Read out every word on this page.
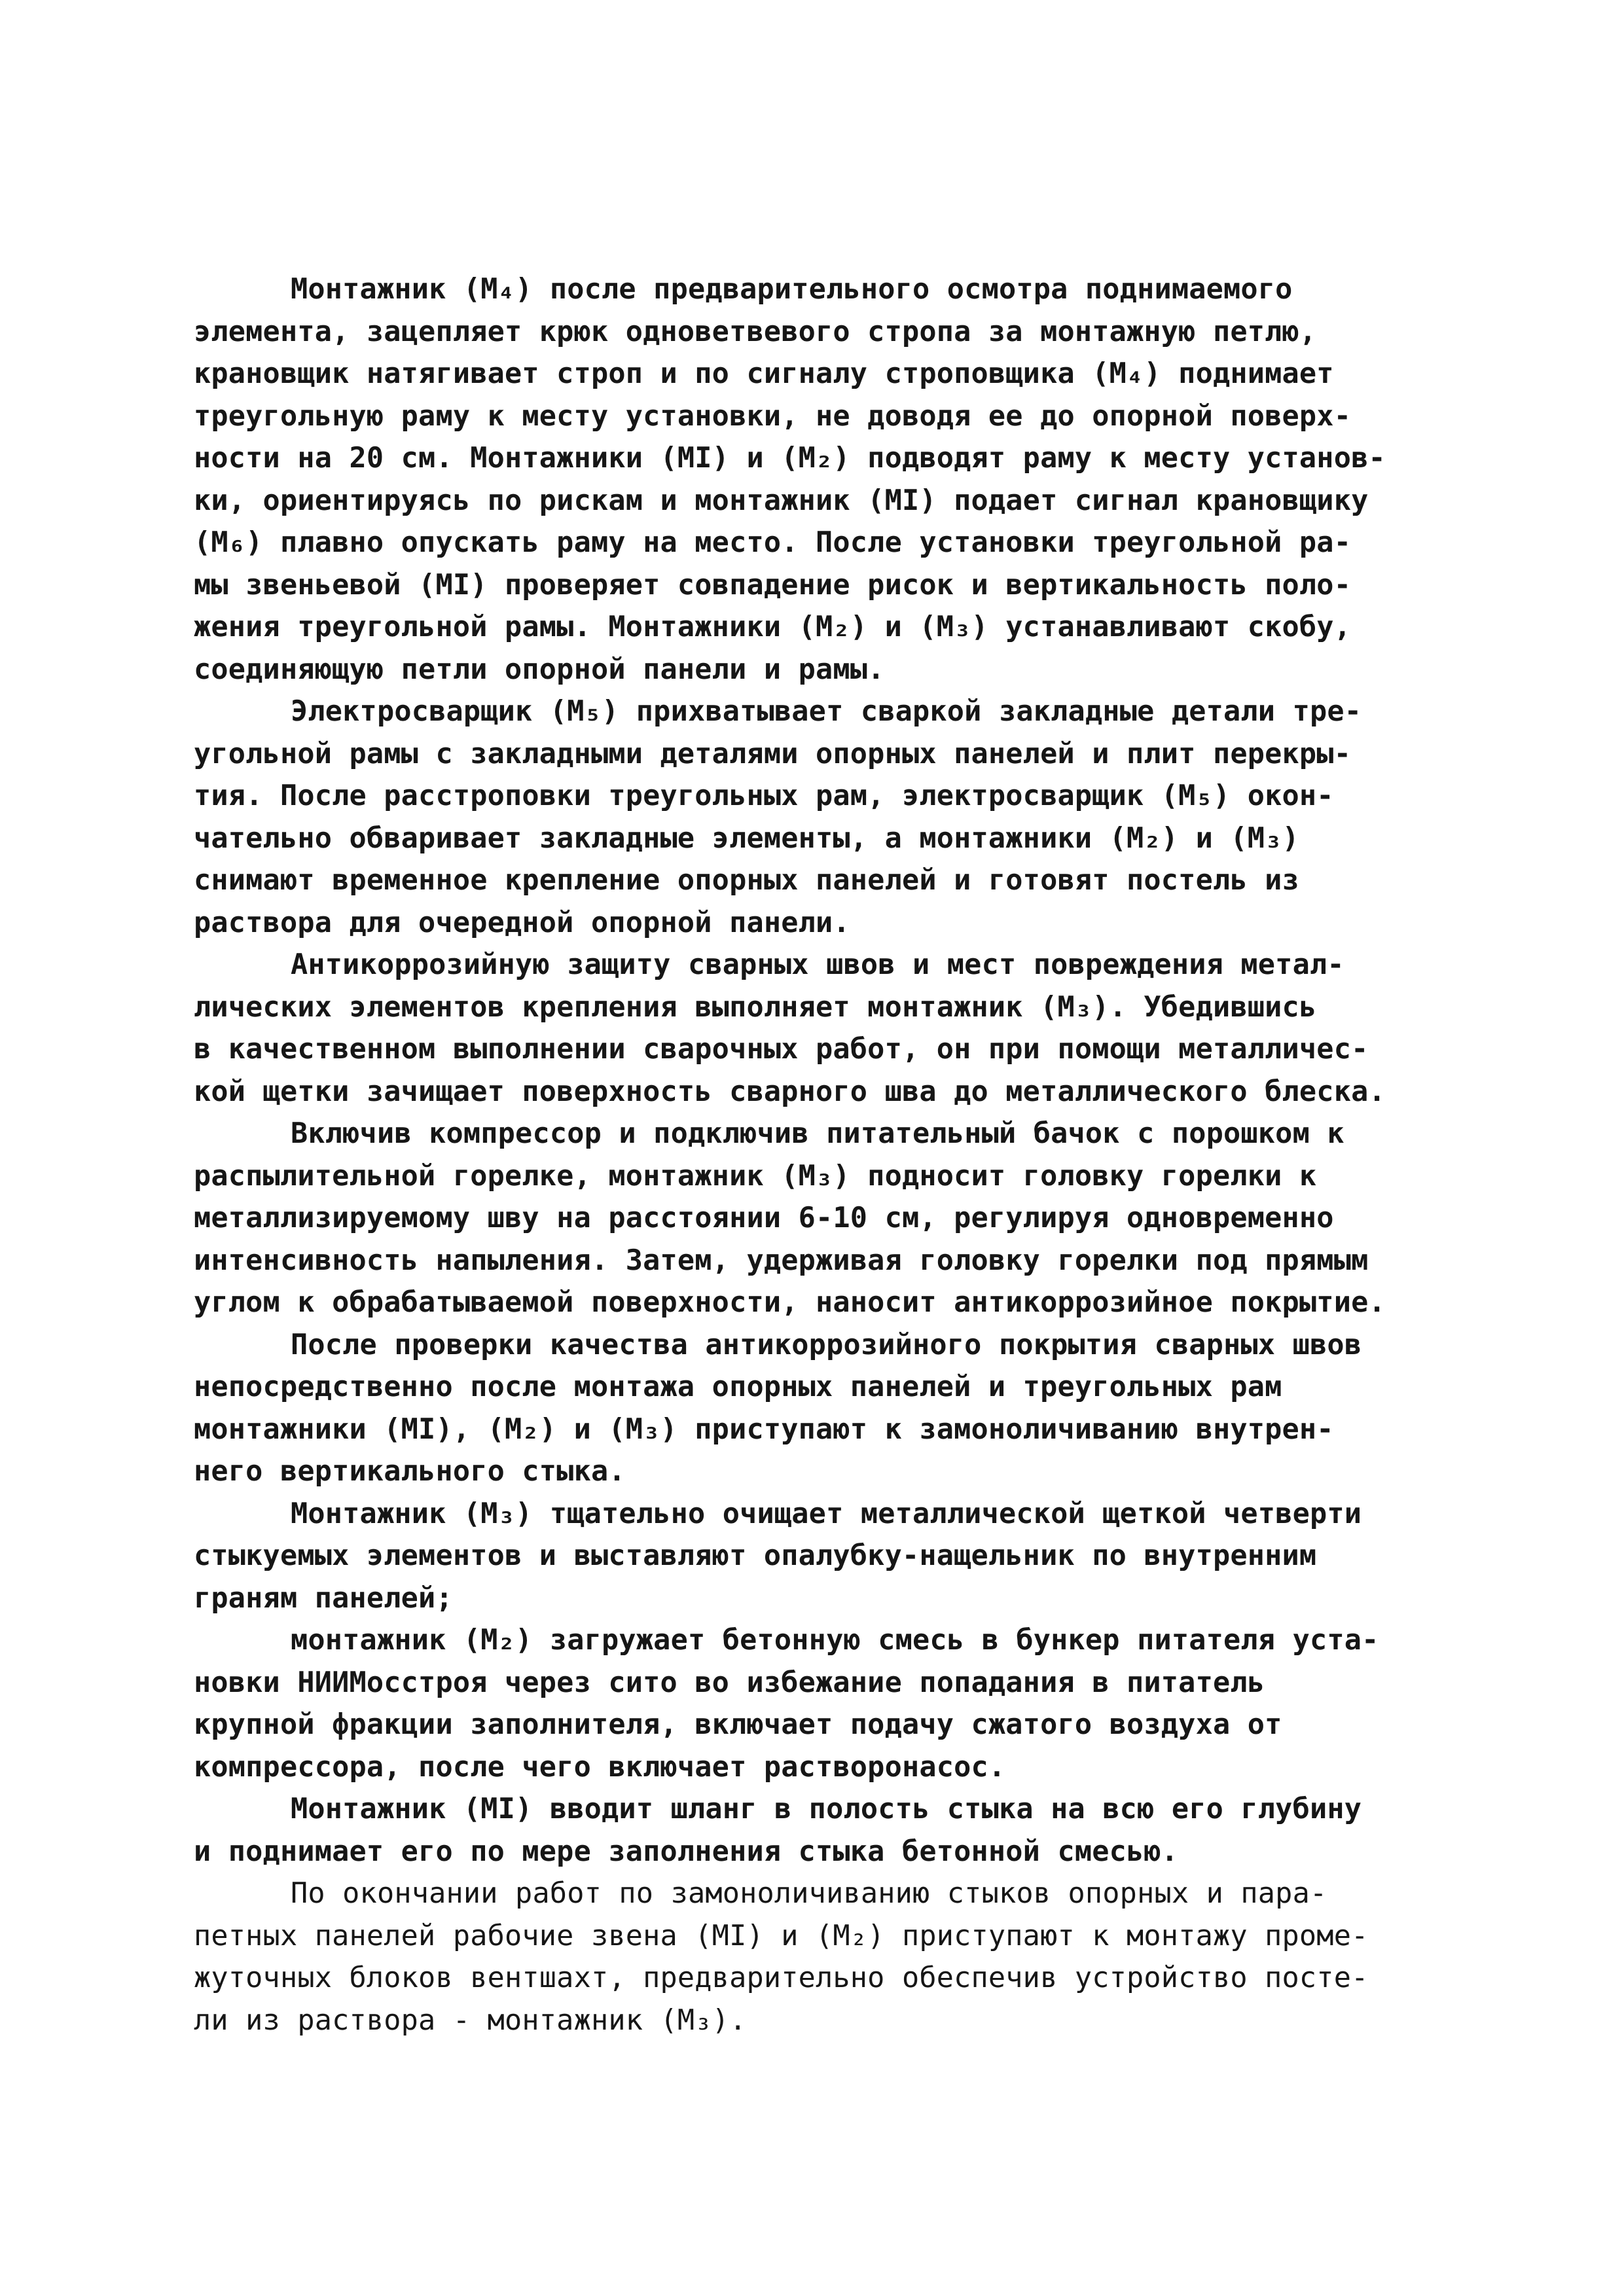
Монтажник (M₄) после предварительного осмотра поднимаемого
элемента, зацепляет крюк одноветвевого стропа за монтажную петлю,
крановщик натягивает строп и по сигналу строповщика (M₄) поднимает
треугольную раму к месту установки, не доводя ее до опорной поверх-
ности на 20 см. Монтажники (MI) и (M₂) подводят раму к месту установ-
ки, ориентируясь по рискам и монтажник (MI) подает сигнал крановщику
(M₆) плавно опускать раму на место. После установки треугольной ра-
мы звеньевой (MI) проверяет совпадение рисок и вертикальность поло-
жения треугольной рамы. Монтажники (M₂) и (M₃) устанавливают скобу,
соединяющую петли опорной панели и рамы.
Электросварщик (M₅) прихватывает сваркой закладные детали тре-
угольной рамы с закладными деталями опорных панелей и плит перекры-
тия. После расстроповки треугольных рам, электросварщик (M₅) окон-
чательно обваривает закладные элементы, а монтажники (M₂) и (M₃)
снимают временное крепление опорных панелей и готовят постель из
раствора для очередной опорной панели.
Антикоррозийную защиту сварных швов и мест повреждения метал-
лических элементов крепления выполняет монтажник (M₃). Убедившись
в качественном выполнении сварочных работ, он при помощи металличес-
кой щетки зачищает поверхность сварного шва до металлического блеска.
Включив компрессор и подключив питательный бачок с порошком к
распылительной горелке, монтажник (M₃) подносит головку горелки к
металлизируемому шву на расстоянии 6-10 см, регулируя одновременно
интенсивность напыления. Затем, удерживая головку горелки под прямым
углом к обрабатываемой поверхности, наносит антикоррозийное покрытие.
После проверки качества антикоррозийного покрытия сварных швов
непосредственно после монтажа опорных панелей и треугольных рам
монтажники (MI), (M₂) и (M₃) приступают к замоноличиванию внутрен-
него вертикального стыка.
Монтажник (M₃) тщательно очищает металлической щеткой четверти
стыкуемых элементов и выставляют опалубку-нащельник по внутренним
граням панелей;
монтажник (M₂) загружает бетонную смесь в бункер питателя уста-
новки НИИМосстроя через сито во избежание попадания в питатель
крупной фракции заполнителя, включает подачу сжатого воздуха от
компрессора, после чего включает растворонасос.
Монтажник (MI) вводит шланг в полость стыка на всю его глубину
и поднимает его по мере заполнения стыка бетонной смесью.
По окончании работ по замоноличиванию стыков опорных и пара-
петных панелей рабочие звена (MI) и (M₂) приступают к монтажу проме-
жуточных блоков вентшахт, предварительно обеспечив устройство посте-
ли из раствора - монтажник (M₃).
